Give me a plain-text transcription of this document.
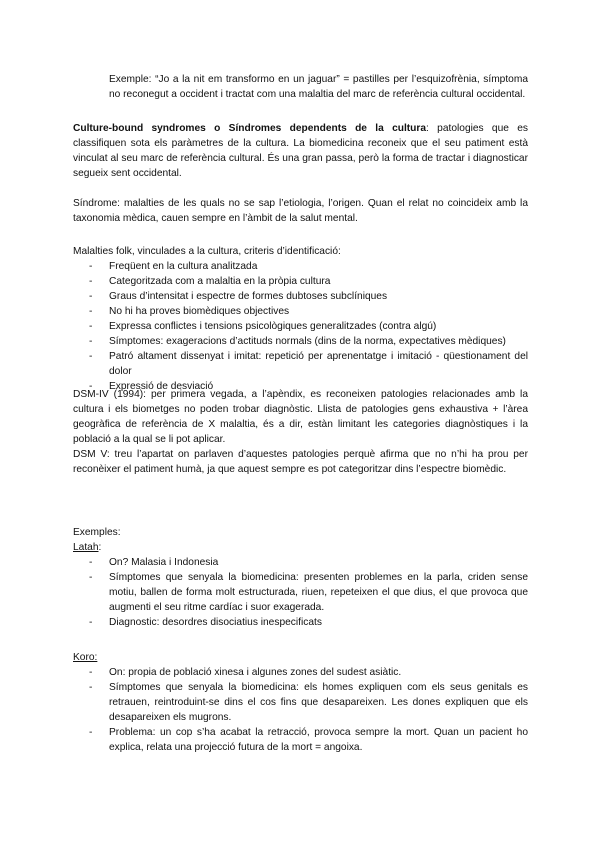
Exemple: “Jo a la nit em transformo en un jaguar” = pastilles per l’esquizofrènia, símptoma no reconegut a occident i tractat com una malaltia del marc de referència cultural occidental.

Culture-bound syndromes o Síndromes dependents de la cultura: patologies que es classifiquen sota els paràmetres de la cultura. La biomedicina reconeix que el seu patiment està vinculat al seu marc de referència cultural. És una gran passa, però la forma de tractar i diagnosticar segueix sent occidental.

Síndrome: malalties de les quals no se sap l’etiologia, l’origen. Quan el relat no coincideix amb la taxonomia mèdica, cauen sempre en l’àmbit de la salut mental.

Malalties folk, vinculades a la cultura, criteris d’identificació:

- Freqüent en la cultura analitzada
- Categoritzada com a malaltia en la pròpia cultura
- Graus d’intensitat i espectre de formes dubtoses subclíniques
- No hi ha proves biomèdiques objectives
- Expressa conflictes i tensions psicològiques generalitzades (contra algú)
- Símptomes: exageracions d’actituds normals (dins de la norma, expectatives mèdiques)
- Patró altament dissenyat i imitat: repetició per aprenentatge i imitació - qüestionament del dolor
- Expressió de desviació

DSM-IV (1994): per primera vegada, a l’apèndix, es reconeixen patologies relacionades amb la cultura i els biometges no poden trobar diagnòstic. Llista de patologies gens exhaustiva + l’àrea geogràfica de referència de X malaltia, és a dir, estàn limitant les categories diagnòstiques i la població a la qual se li pot aplicar.

DSM V: treu l’apartat on parlaven d’aquestes patologies perquè afirma que no n’hi ha prou per reconèixer el patiment humà, ja que aquest sempre es pot categoritzar dins l’espectre biomèdic.

Exemples:

Latah:

- On? Malasia i Indonesia
- Símptomes que senyala la biomedicina: presenten problemes en la parla, criden sense motiu, ballen de forma molt estructurada, riuen, repeteixen el que dius, el que provoca que augmenti el seu ritme cardíac i suor exagerada.
- Diagnostic: desordres disociatius inespecificats

Koro:

- On: propia de població xinesa i algunes zones del sudest asiàtic.
- Símptomes que senyala la biomedicina: els homes expliquen com els seus genitals es retrauen, reintroduint-se dins el cos fins que desapareixen. Les dones expliquen que els desapareixen els mugrons.
- Problema: un cop s’ha acabat la retracció, provoca sempre la mort. Quan un pacient ho explica, relata una projecció futura de la mort = angoixa.
